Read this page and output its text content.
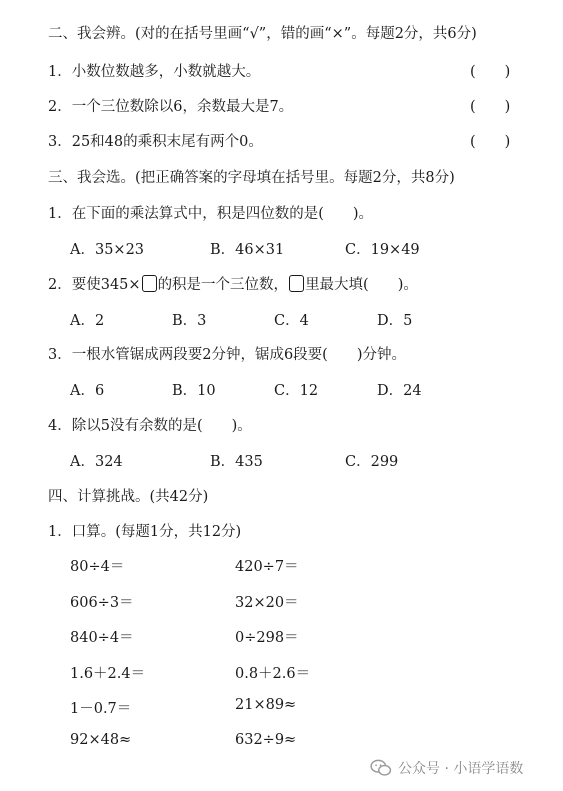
二、我会辨。(对的在括号里画“√”，错的画“×”。每题2分，共6分)
1．小数位数越多，小数就越大。	(　　)
2．一个三位数除以6，余数最大是7。	(　　)
3．25和48的乘积末尾有两个0。	(　　)
三、我会选。(把正确答案的字母填在括号里。每题2分，共8分)
1．在下面的乘法算式中，积是四位数的是(　　)。
A．35×23	B．46×31	C．19×49
2．要使345× 的积是一个三位数， 里最大填(　　)。
A．2	B．3	C．4	D．5
3．一根水管锯成两段要2分钟，锯成6段要(　　)分钟。
A．6	B．10	C．12	D．24
4．除以5没有余数的是(　　)。
A．324	B．435	C．299
四、计算挑战。(共42分)
1．口算。(每题1分，共12分)
80÷4＝	420÷7＝
606÷3＝	32×20＝
840÷4＝	0÷298＝
1.6＋2.4＝	0.8＋2.6＝
1－0.7＝	21×89≈
92×48≈	632÷9≈
公众号 · 小语学语数
